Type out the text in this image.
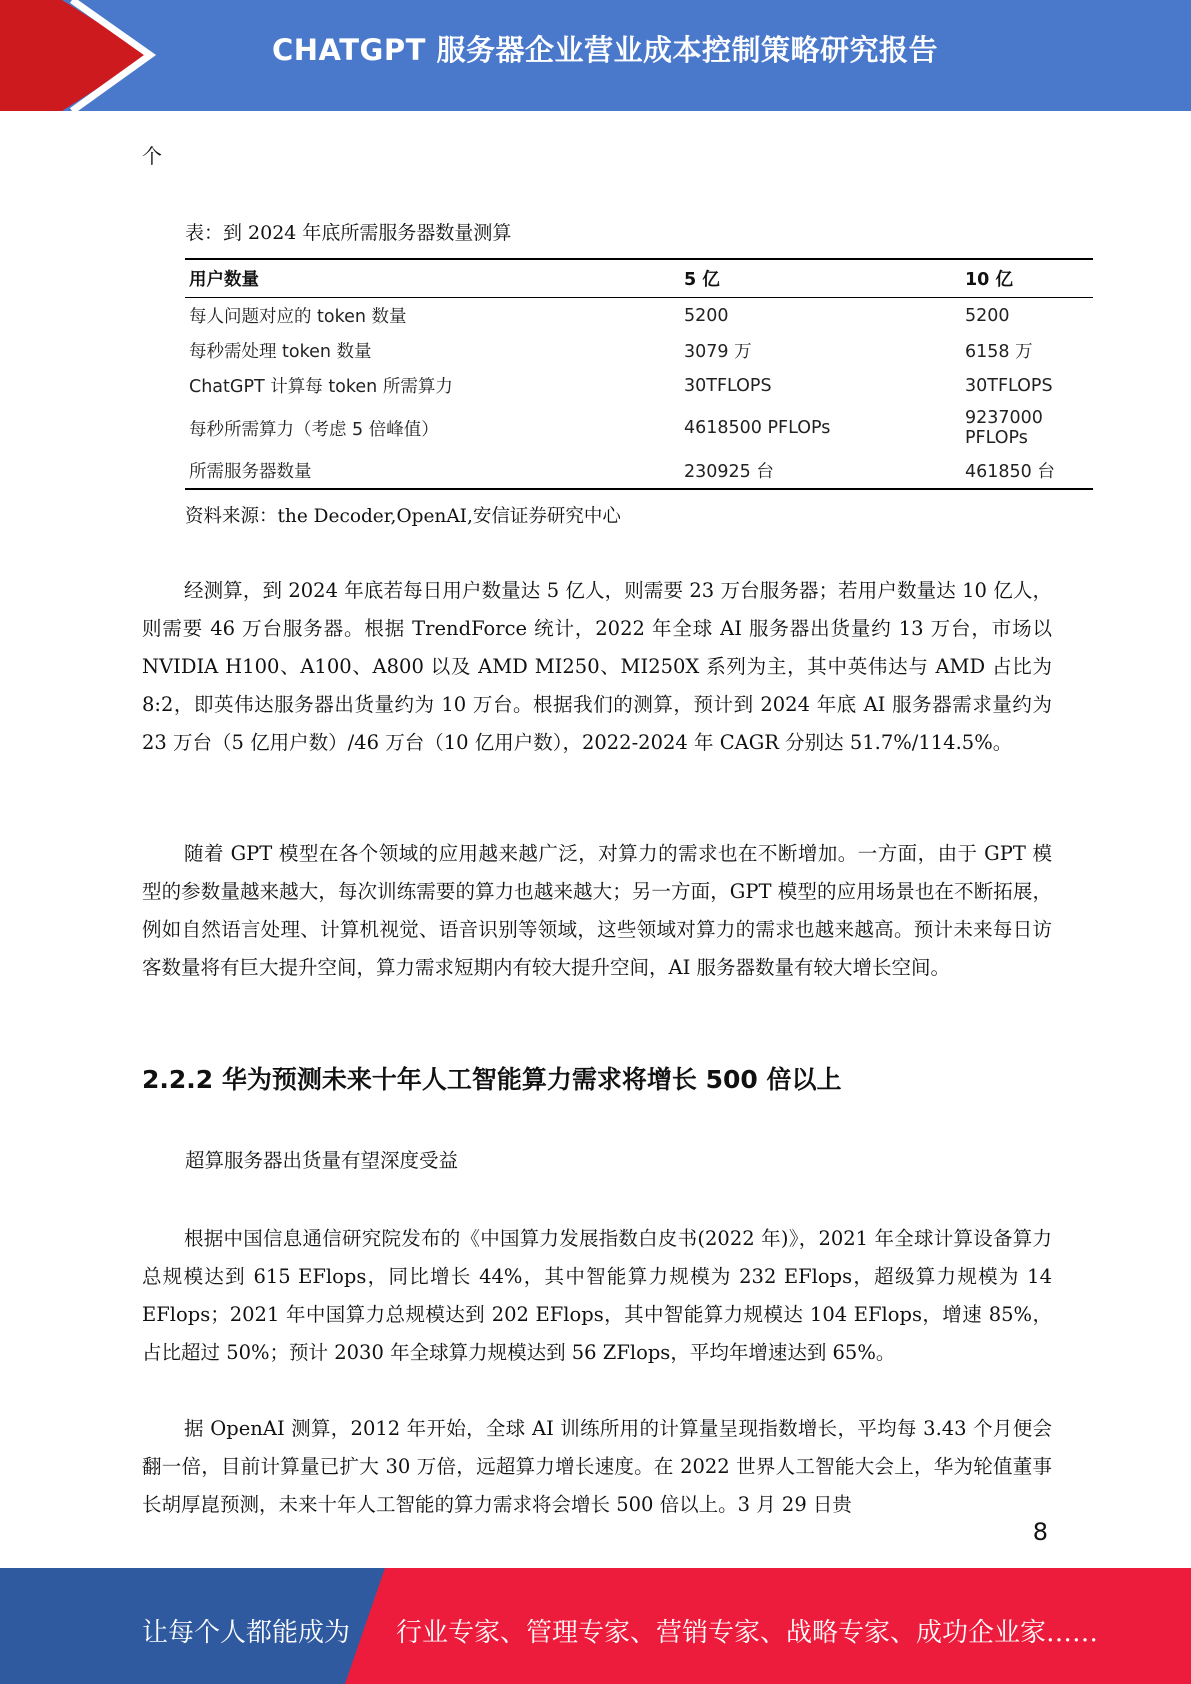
CHATGPT 服务器企业营业成本控制策略研究报告
个
表：到 2024 年底所需服务器数量测算
用户数量	5 亿	10 亿
每人问题对应的 token 数量	5200	5200
每秒需处理 token 数量	3079 万	6158 万
ChatGPT 计算每 token 所需算力	30TFLOPS	30TFLOPS
每秒所需算力（考虑 5 倍峰值）	4618500 PFLOPs	9237000 PFLOPs
所需服务器数量	230925 台	461850 台
资料来源：the Decoder,OpenAI,安信证券研究中心

经测算，到 2024 年底若每日用户数量达 5 亿人，则需要 23 万台服务器；若用户数量达 10 亿人，则需要 46 万台服务器。根据 TrendForce 统计，2022 年全球 AI 服务器出货量约 13 万台，市场以 NVIDIA H100、A100、A800 以及 AMD MI250、MI250X 系列为主，其中英伟达与 AMD 占比为 8:2，即英伟达服务器出货量约为 10 万台。根据我们的测算，预计到 2024 年底 AI 服务器需求量约为 23 万台（5 亿用户数）/46 万台（10 亿用户数），2022-2024 年 CAGR 分别达 51.7%/114.5%。

随着 GPT 模型在各个领域的应用越来越广泛，对算力的需求也在不断增加。一方面，由于 GPT 模型的参数量越来越大，每次训练需要的算力也越来越大；另一方面，GPT 模型的应用场景也在不断拓展，例如自然语言处理、计算机视觉、语音识别等领域，这些领域对算力的需求也越来越高。预计未来每日访客数量将有巨大提升空间，算力需求短期内有较大提升空间，AI 服务器数量有较大增长空间。

2.2.2 华为预测未来十年人工智能算力需求将增长 500 倍以上
超算服务器出货量有望深度受益

根据中国信息通信研究院发布的《中国算力发展指数白皮书(2022 年)》，2021 年全球计算设备算力总规模达到 615 EFlops，同比增长 44%，其中智能算力规模为 232 EFlops，超级算力规模为 14 EFlops；2021 年中国算力总规模达到 202 EFlops，其中智能算力规模达 104 EFlops，增速 85%，占比超过 50%；预计 2030 年全球算力规模达到 56 ZFlops，平均年增速达到 65%。

据 OpenAI 测算，2012 年开始，全球 AI 训练所用的计算量呈现指数增长，平均每 3.43 个月便会翻一倍，目前计算量已扩大 30 万倍，远超算力增长速度。在 2022 世界人工智能大会上，华为轮值董事长胡厚崑预测，未来十年人工智能的算力需求将会增长 500 倍以上。3 月 29 日贵

8
让每个人都能成为 行业专家、管理专家、营销专家、战略专家、成功企业家……
